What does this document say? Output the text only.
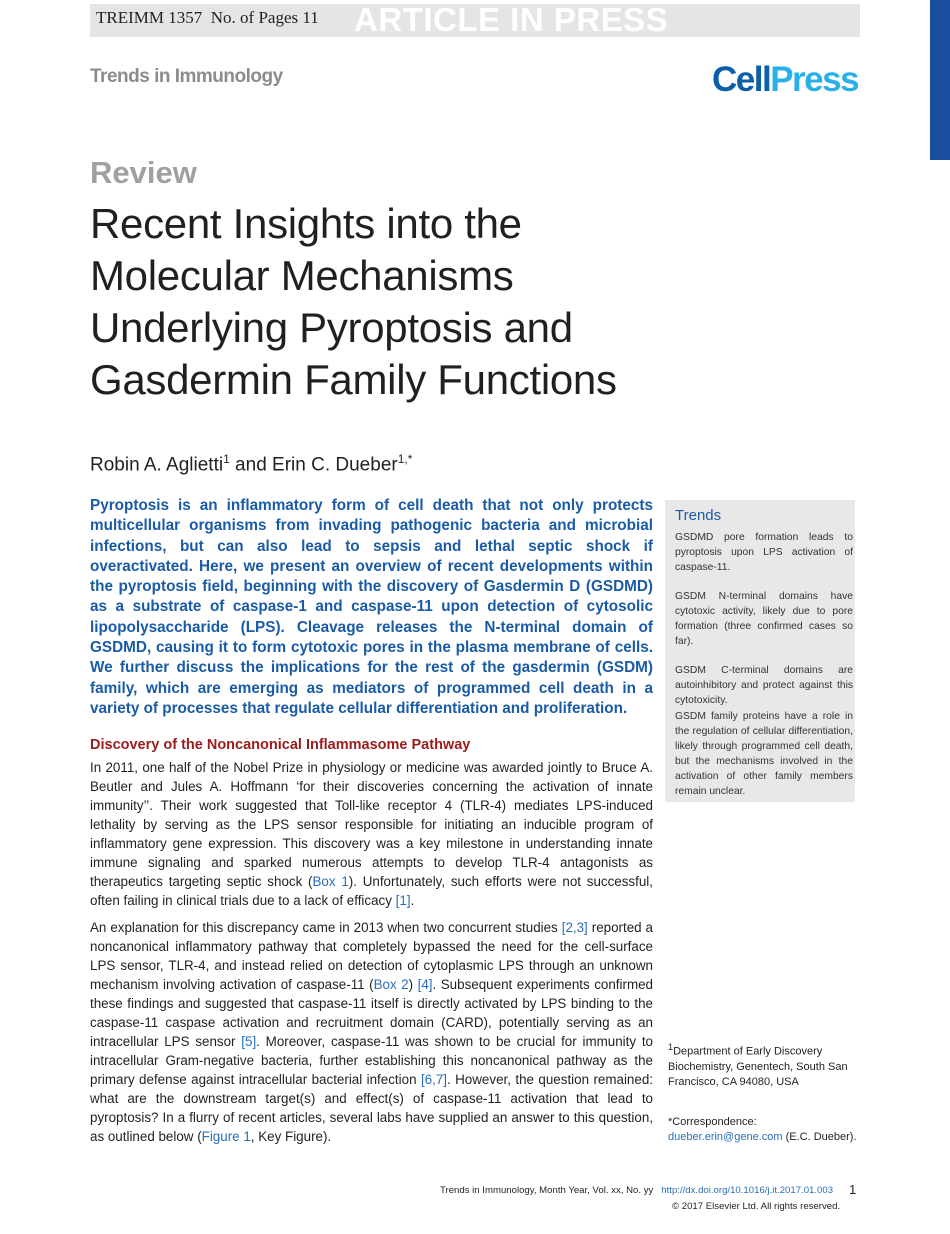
TREIMM 1357 No. of Pages 11 ARTICLE IN PRESS
Trends in Immunology	CellPress
Review
Recent Insights into the Molecular Mechanisms Underlying Pyroptosis and Gasdermin Family Functions
Robin A. Aglietti$^1$ and Erin C. Dueber$^{1,*}$
Pyroptosis is an inflammatory form of cell death that not only protects multicellular organisms from invading pathogenic bacteria and microbial infections, but can also lead to sepsis and lethal septic shock if overactivated. Here, we present an overview of recent developments within the pyroptosis field, beginning with the discovery of Gasdermin D (GSDMD) as a substrate of caspase-1 and caspase-11 upon detection of cytosolic lipopolysaccharide (LPS). Cleavage releases the N-terminal domain of GSDMD, causing it to form cytotoxic pores in the plasma membrane of cells. We further discuss the implications for the rest of the gasdermin (GSDM) family, which are emerging as mediators of programmed cell death in a variety of processes that regulate cellular differentiation and proliferation.
Trends
GSDMD pore formation leads to pyroptosis upon LPS activation of caspase-11.
GSDM N-terminal domains have cytotoxic activity, likely due to pore formation (three confirmed cases so far).
GSDM C-terminal domains are autoinhibitory and protect against this cytotoxicity.
GSDM family proteins have a role in the regulation of cellular differentiation, likely through programmed cell death, but the mechanisms involved in the activation of other family members remain unclear.
Discovery of the Noncanonical Inflammasome Pathway
In 2011, one half of the Nobel Prize in physiology or medicine was awarded jointly to Bruce A. Beutler and Jules A. Hoffmann ‘for their discoveries concerning the activation of innate immunity’’. Their work suggested that Toll-like receptor 4 (TLR-4) mediates LPS-induced lethality by serving as the LPS sensor responsible for initiating an inducible program of inflammatory gene expression. This discovery was a key milestone in understanding innate immune signaling and sparked numerous attempts to develop TLR-4 antagonists as therapeutics targeting septic shock (Box 1). Unfortunately, such efforts were not successful, often failing in clinical trials due to a lack of efficacy [1].
An explanation for this discrepancy came in 2013 when two concurrent studies [2,3] reported a noncanonical inflammatory pathway that completely bypassed the need for the cell-surface LPS sensor, TLR-4, and instead relied on detection of cytoplasmic LPS through an unknown mechanism involving activation of caspase-11 (Box 2) [4]. Subsequent experiments confirmed these findings and suggested that caspase-11 itself is directly activated by LPS binding to the caspase-11 caspase activation and recruitment domain (CARD), potentially serving as an intracellular LPS sensor [5]. Moreover, caspase-11 was shown to be crucial for immunity to intracellular Gram-negative bacteria, further establishing this noncanonical pathway as the primary defense against intracellular bacterial infection [6,7]. However, the question remained: what are the downstream target(s) and effect(s) of caspase-11 activation that lead to pyroptosis? In a flurry of recent articles, several labs have supplied an answer to this question, as outlined below (Figure 1, Key Figure).
$^1$Department of Early Discovery Biochemistry, Genentech, South San Francisco, CA 94080, USA
*Correspondence:
dueber.erin@gene.com (E.C. Dueber).
Trends in Immunology, Month Year, Vol. xx, No. yy http://dx.doi.org/10.1016/j.it.2017.01.003 1
© 2017 Elsevier Ltd. All rights reserved.
